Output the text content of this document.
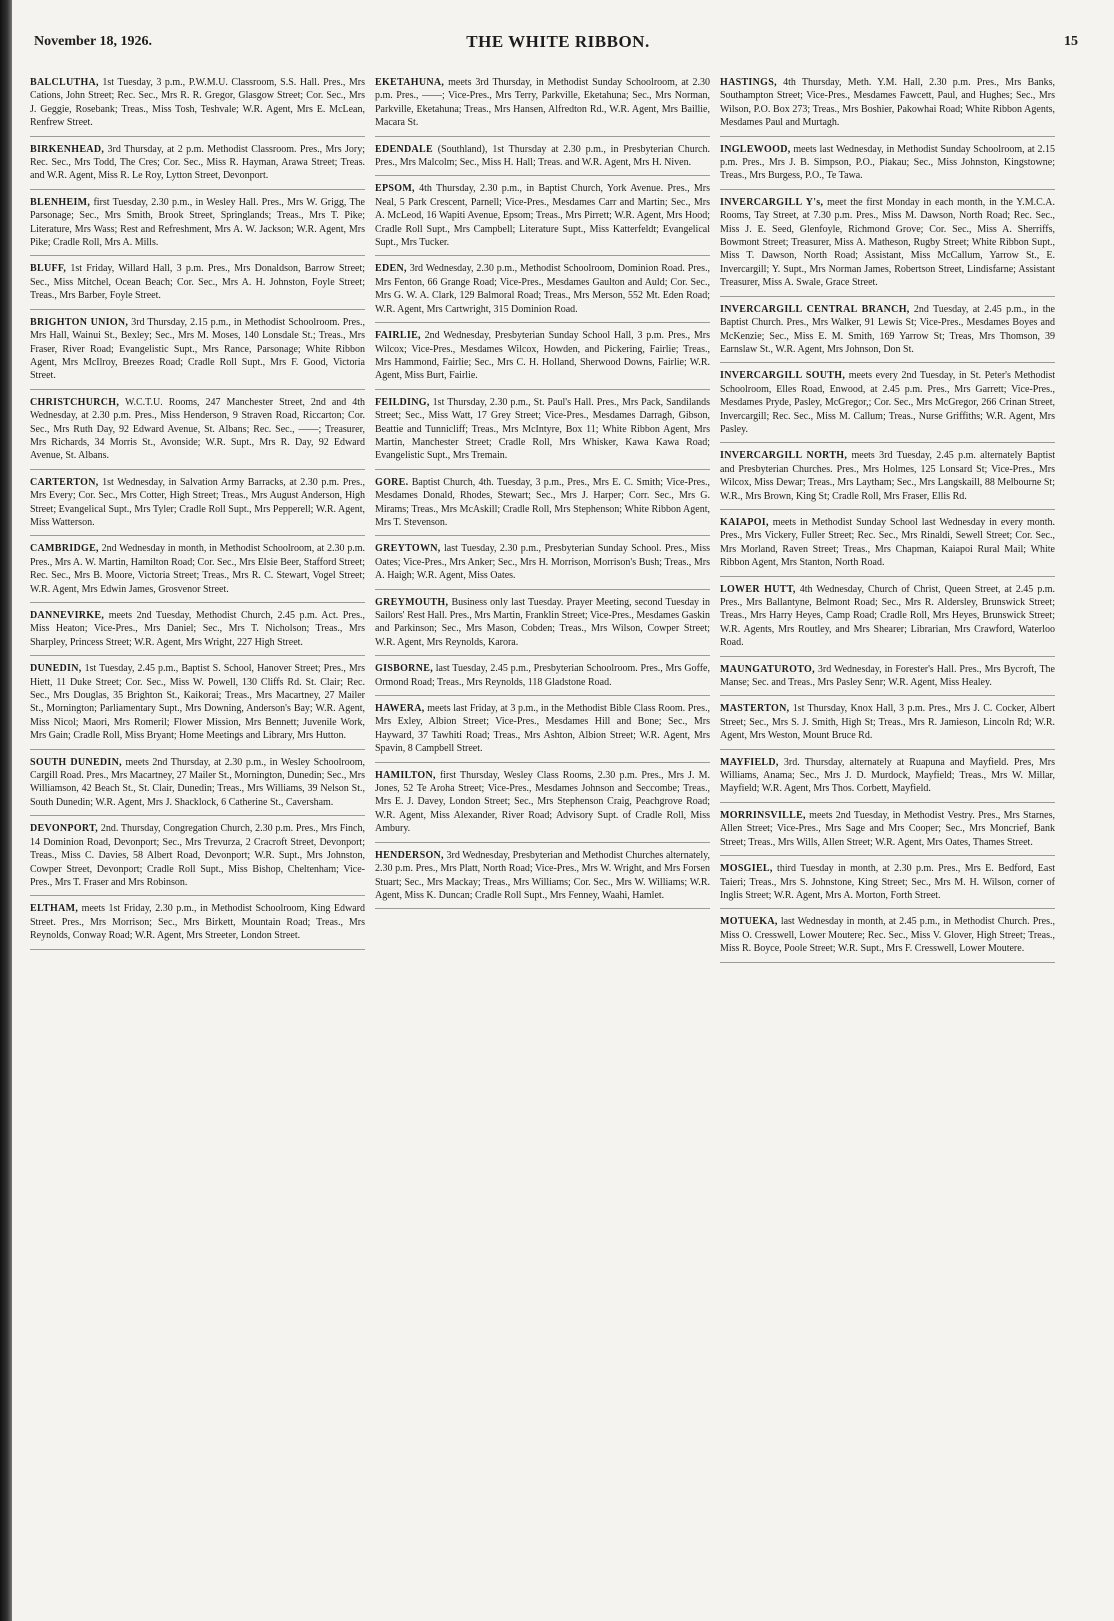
November 18, 1926.	THE WHITE RIBBON.	15

BALCLUTHA, 1st Tuesday, 3 p.m., P.W.M.U. Classroom, S.S. Hall. Pres., Mrs Cations, John Street; Rec. Sec., Mrs R. R. Gregor, Glasgow Street; Cor. Sec., Mrs J. Geggie, Rosebank; Treas., Miss Tosh, Teshvale; W.R. Agent, Mrs E. McLean, Renfrew Street.

BIRKENHEAD, 3rd Thursday, at 2 p.m. Methodist Classroom. Pres., Mrs Jory; Rec. Sec., Mrs Todd, The Cres; Cor. Sec., Miss R. Hayman, Arawa Street; Treas. and W.R. Agent, Miss R. Le Roy, Lytton Street, Devonport.

BLENHEIM, first Tuesday, 2.30 p.m., in Wesley Hall. Pres., Mrs W. Grigg, The Parsonage; Sec., Mrs Smith, Brook Street, Springlands; Treas., Mrs T. Pike; Literature, Mrs Wass; Rest and Refreshment, Mrs A. W. Jackson; W.R. Agent, Mrs Pike; Cradle Roll, Mrs A. Mills.

BLUFF, 1st Friday, Willard Hall, 3 p.m. Pres., Mrs Donaldson, Barrow Street; Sec., Miss Mitchel, Ocean Beach; Cor. Sec., Mrs A. H. Johnston, Foyle Street; Treas., Mrs Barber, Foyle Street.

BRIGHTON UNION, 3rd Thursday, 2.15 p.m., in Methodist Schoolroom. Pres., Mrs Hall, Wainui St., Bexley; Sec., Mrs M. Moses, 140 Lonsdale St.; Treas., Mrs Fraser, River Road; Evangelistic Supt., Mrs Rance, Parsonage; White Ribbon Agent, Mrs McIlroy, Breezes Road; Cradle Roll Supt., Mrs F. Good, Victoria Street.

CHRISTCHURCH, W.C.T.U. Rooms, 247 Manchester Street, 2nd and 4th Wednesday, at 2.30 p.m. Pres., Miss Henderson, 9 Straven Road, Riccarton; Cor. Sec., Mrs Ruth Day, 92 Edward Avenue, St. Albans; Rec. Sec., ——; Treasurer, Mrs Richards, 34 Morris St., Avonside; W.R. Supt., Mrs R. Day, 92 Edward Avenue, St. Albans.

CARTERTON, 1st Wednesday, in Salvation Army Barracks, at 2.30 p.m. Pres., Mrs Every; Cor. Sec., Mrs Cotter, High Street; Treas., Mrs August Anderson, High Street; Evangelical Supt., Mrs Tyler; Cradle Roll Supt., Mrs Pepperell; W.R. Agent, Miss Watterson.

CAMBRIDGE, 2nd Wednesday in month, in Methodist Schoolroom, at 2.30 p.m. Pres., Mrs A. W. Martin, Hamilton Road; Cor. Sec., Mrs Elsie Beer, Stafford Street; Rec. Sec., Mrs B. Moore, Victoria Street; Treas., Mrs R. C. Stewart, Vogel Street; W.R. Agent, Mrs Edwin James, Grosvenor Street.

DANNEVIRKE, meets 2nd Tuesday, Methodist Church, 2.45 p.m. Act. Pres., Miss Heaton; Vice-Pres., Mrs Daniel; Sec., Mrs T. Nicholson; Treas., Mrs Sharpley, Princess Street; W.R. Agent, Mrs Wright, 227 High Street.

DUNEDIN, 1st Tuesday, 2.45 p.m., Baptist S. School, Hanover Street; Pres., Mrs Hiett, 11 Duke Street; Cor. Sec., Miss W. Powell, 130 Cliffs Rd. St. Clair; Rec. Sec., Mrs Douglas, 35 Brighton St., Kaikorai; Treas., Mrs Macartney, 27 Mailer St., Mornington; Parliamentary Supt., Mrs Downing, Anderson's Bay; W.R. Agent, Miss Nicol; Maori, Mrs Romeril; Flower Mission, Mrs Bennett; Juvenile Work, Mrs Gain; Cradle Roll, Miss Bryant; Home Meetings and Library, Mrs Hutton.

SOUTH DUNEDIN, meets 2nd Thursday, at 2.30 p.m., in Wesley Schoolroom, Cargill Road. Pres., Mrs Macartney, 27 Mailer St., Mornington, Dunedin; Sec., Mrs Williamson, 42 Beach St., St. Clair, Dunedin; Treas., Mrs Williams, 39 Nelson St., South Dunedin; W.R. Agent, Mrs J. Shacklock, 6 Catherine St., Caversham.

DEVONPORT, 2nd. Thursday, Congregation Church, 2.30 p.m. Pres., Mrs Finch, 14 Dominion Road, Devonport; Sec., Mrs Trevurza, 2 Cracroft Street, Devonport; Treas., Miss C. Davies, 58 Albert Road, Devonport; W.R. Supt., Mrs Johnston, Cowper Street, Devonport; Cradle Roll Supt., Miss Bishop, Cheltenham; Vice-Pres., Mrs T. Fraser and Mrs Robinson.

ELTHAM, meets 1st Friday, 2.30 p.m., in Methodist Schoolroom, King Edward Street. Pres., Mrs Morrison; Sec., Mrs Birkett, Mountain Road; Treas., Mrs Reynolds, Conway Road; W.R. Agent, Mrs Streeter, London Street.

EKETAHUNA, meets 3rd Thursday, in Methodist Sunday Schoolroom, at 2.30 p.m. Pres., ——; Vice-Pres., Mrs Terry, Parkville, Eketahuna; Sec., Mrs Norman, Parkville, Eketahuna; Treas., Mrs Hansen, Alfredton Rd., W.R. Agent, Mrs Baillie, Macara St.

EDENDALE (Southland), 1st Thursday at 2.30 p.m., in Presbyterian Church. Pres., Mrs Malcolm; Sec., Miss H. Hall; Treas. and W.R. Agent, Mrs H. Niven.

EPSOM, 4th Thursday, 2.30 p.m., in Baptist Church, York Avenue. Pres., Mrs Neal, 5 Park Crescent, Parnell; Vice-Pres., Mesdames Carr and Martin; Sec., Mrs A. McLeod, 16 Wapiti Avenue, Epsom; Treas., Mrs Pirrett; W.R. Agent, Mrs Hood; Cradle Roll Supt., Mrs Campbell; Literature Supt., Miss Katterfeldt; Evangelical Supt., Mrs Tucker.

EDEN, 3rd Wednesday, 2.30 p.m., Methodist Schoolroom, Dominion Road. Pres., Mrs Fenton, 66 Grange Road; Vice-Pres., Mesdames Gaulton and Auld; Cor. Sec., Mrs G. W. A. Clark, 129 Balmoral Road; Treas., Mrs Merson, 552 Mt. Eden Road; W.R. Agent, Mrs Cartwright, 315 Dominion Road.

FAIRLIE, 2nd Wednesday, Presbyterian Sunday School Hall, 3 p.m. Pres., Mrs Wilcox; Vice-Pres., Mesdames Wilcox, Howden, and Pickering, Fairlie; Treas., Mrs Hammond, Fairlie; Sec., Mrs C. H. Holland, Sherwood Downs, Fairlie; W.R. Agent, Miss Burt, Fairlie.

FEILDING, 1st Thursday, 2.30 p.m., St. Paul's Hall. Pres., Mrs Pack, Sandilands Street; Sec., Miss Watt, 17 Grey Street; Vice-Pres., Mesdames Darragh, Gibson, Beattie and Tunnicliff; Treas., Mrs McIntyre, Box 11; White Ribbon Agent, Mrs Martin, Manchester Street; Cradle Roll, Mrs Whisker, Kawa Kawa Road; Evangelistic Supt., Mrs Tremain.

GORE. Baptist Church, 4th. Tuesday, 3 p.m., Pres., Mrs E. C. Smith; Vice-Pres., Mesdames Donald, Rhodes, Stewart; Sec., Mrs J. Harper; Corr. Sec., Mrs G. Mirams; Treas., Mrs McAskill; Cradle Roll, Mrs Stephenson; White Ribbon Agent, Mrs T. Stevenson.

GREYTOWN, last Tuesday, 2.30 p.m., Presbyterian Sunday School. Pres., Miss Oates; Vice-Pres., Mrs Anker; Sec., Mrs H. Morrison, Morrison's Bush; Treas., Mrs A. Haigh; W.R. Agent, Miss Oates.

GREYMOUTH, Business only last Tuesday. Prayer Meeting, second Tuesday in Sailors' Rest Hall. Pres., Mrs Martin, Franklin Street; Vice-Pres., Mesdames Gaskin and Parkinson; Sec., Mrs Mason, Cobden; Treas., Mrs Wilson, Cowper Street; W.R. Agent, Mrs Reynolds, Karora.

GISBORNE, last Tuesday, 2.45 p.m., Presbyterian Schoolroom. Pres., Mrs Goffe, Ormond Road; Treas., Mrs Reynolds, 118 Gladstone Road.

HAWERA, meets last Friday, at 3 p.m., in the Methodist Bible Class Room. Pres., Mrs Exley, Albion Street; Vice-Pres., Mesdames Hill and Bone; Sec., Mrs Hayward, 37 Tawhiti Road; Treas., Mrs Ashton, Albion Street; W.R. Agent, Mrs Spavin, 8 Campbell Street.

HAMILTON, first Thursday, Wesley Class Rooms, 2.30 p.m. Pres., Mrs J. M. Jones, 52 Te Aroha Street; Vice-Pres., Mesdames Johnson and Seccombe; Treas., Mrs E. J. Davey, London Street; Sec., Mrs Stephenson Craig, Peachgrove Road; W.R. Agent, Miss Alexander, River Road; Advisory Supt. of Cradle Roll, Miss Ambury.

HENDERSON, 3rd Wednesday, Presbyterian and Methodist Churches alternately, 2.30 p.m. Pres., Mrs Platt, North Road; Vice-Pres., Mrs W. Wright, and Mrs Forsen Stuart; Sec., Mrs Mackay; Treas., Mrs Williams; Cor. Sec., Mrs W. Williams; W.R. Agent, Miss K. Duncan; Cradle Roll Supt., Mrs Fenney, Waahi, Hamlet.

HASTINGS, 4th Thursday, Meth. Y.M. Hall, 2.30 p.m. Pres., Mrs Banks, Southampton Street; Vice-Pres., Mesdames Fawcett, Paul, and Hughes; Sec., Mrs Wilson, P.O. Box 273; Treas., Mrs Boshier, Pakowhai Road; White Ribbon Agents, Mesdames Paul and Murtagh.

INGLEWOOD, meets last Wednesday, in Methodist Sunday Schoolroom, at 2.15 p.m. Pres., Mrs J. B. Simpson, P.O., Piakau; Sec., Miss Johnston, Kingstowne; Treas., Mrs Burgess, P.O., Te Tawa.

INVERCARGILL Y's, meet the first Monday in each month, in the Y.M.C.A. Rooms, Tay Street, at 7.30 p.m. Pres., Miss M. Dawson, North Road; Rec. Sec., Miss J. E. Seed, Glenfoyle, Richmond Grove; Cor. Sec., Miss A. Sherriffs, Bowmont Street; Treasurer, Miss A. Matheson, Rugby Street; White Ribbon Supt., Miss T. Dawson, North Road; Assistant, Miss McCallum, Yarrow St., E. Invercargill; Y. Supt., Mrs Norman James, Robertson Street, Lindisfarne; Assistant Treasurer, Miss A. Swale, Grace Street.

INVERCARGILL CENTRAL BRANCH, 2nd Tuesday, at 2.45 p.m., in the Baptist Church. Pres., Mrs Walker, 91 Lewis St; Vice-Pres., Mesdames Boyes and McKenzie; Sec., Miss E. M. Smith, 169 Yarrow St; Treas, Mrs Thomson, 39 Earnslaw St., W.R. Agent, Mrs Johnson, Don St.

INVERCARGILL SOUTH, meets every 2nd Tuesday, in St. Peter's Methodist Schoolroom, Elles Road, Enwood, at 2.45 p.m. Pres., Mrs Garrett; Vice-Pres., Mesdames Pryde, Pasley, McGregor,; Cor. Sec., Mrs McGregor, 266 Crinan Street, Invercargill; Rec. Sec., Miss M. Callum; Treas., Nurse Griffiths; W.R. Agent, Mrs Pasley.

INVERCARGILL NORTH, meets 3rd Tuesday, 2.45 p.m. alternately Baptist and Presbyterian Churches. Pres., Mrs Holmes, 125 Lonsard St; Vice-Pres., Mrs Wilcox, Miss Dewar; Treas., Mrs Laytham; Sec., Mrs Langskaill, 88 Melbourne St; W.R., Mrs Brown, King St; Cradle Roll, Mrs Fraser, Ellis Rd.

KAIAPOI, meets in Methodist Sunday School last Wednesday in every month. Pres., Mrs Vickery, Fuller Street; Rec. Sec., Mrs Rinaldi, Sewell Street; Cor. Sec., Mrs Morland, Raven Street; Treas., Mrs Chapman, Kaiapoi Rural Mail; White Ribbon Agent, Mrs Stanton, North Road.

LOWER HUTT, 4th Wednesday, Church of Christ, Queen Street, at 2.45 p.m. Pres., Mrs Ballantyne, Belmont Road; Sec., Mrs R. Aldersley, Brunswick Street; Treas., Mrs Harry Heyes, Camp Road; Cradle Roll, Mrs Heyes, Brunswick Street; W.R. Agents, Mrs Routley, and Mrs Shearer; Librarian, Mrs Crawford, Waterloo Road.

MAUNGATUROTO, 3rd Wednesday, in Forester's Hall. Pres., Mrs Bycroft, The Manse; Sec. and Treas., Mrs Pasley Senr; W.R. Agent, Miss Healey.

MASTERTON, 1st Thursday, Knox Hall, 3 p.m. Pres., Mrs J. C. Cocker, Albert Street; Sec., Mrs S. J. Smith, High St; Treas., Mrs R. Jamieson, Lincoln Rd; W.R. Agent, Mrs Weston, Mount Bruce Rd.

MAYFIELD, 3rd. Thursday, alternately at Ruapuna and Mayfield. Pres, Mrs Williams, Anama; Sec., Mrs J. D. Murdock, Mayfield; Treas., Mrs W. Millar, Mayfield; W.R. Agent, Mrs Thos. Corbett, Mayfield.

MORRINSVILLE, meets 2nd Tuesday, in Methodist Vestry. Pres., Mrs Starnes, Allen Street; Vice-Pres., Mrs Sage and Mrs Cooper; Sec., Mrs Moncrief, Bank Street; Treas., Mrs Wills, Allen Street; W.R. Agent, Mrs Oates, Thames Street.

MOSGIEL, third Tuesday in month, at 2.30 p.m. Pres., Mrs E. Bedford, East Taieri; Treas., Mrs S. Johnstone, King Street; Sec., Mrs M. H. Wilson, corner of Inglis Street; W.R. Agent, Mrs A. Morton, Forth Street.

MOTUEKA, last Wednesday in month, at 2.45 p.m., in Methodist Church. Pres., Miss O. Cresswell, Lower Moutere; Rec. Sec., Miss V. Glover, High Street; Treas., Miss R. Boyce, Poole Street; W.R. Supt., Mrs F. Cresswell, Lower Moutere.
